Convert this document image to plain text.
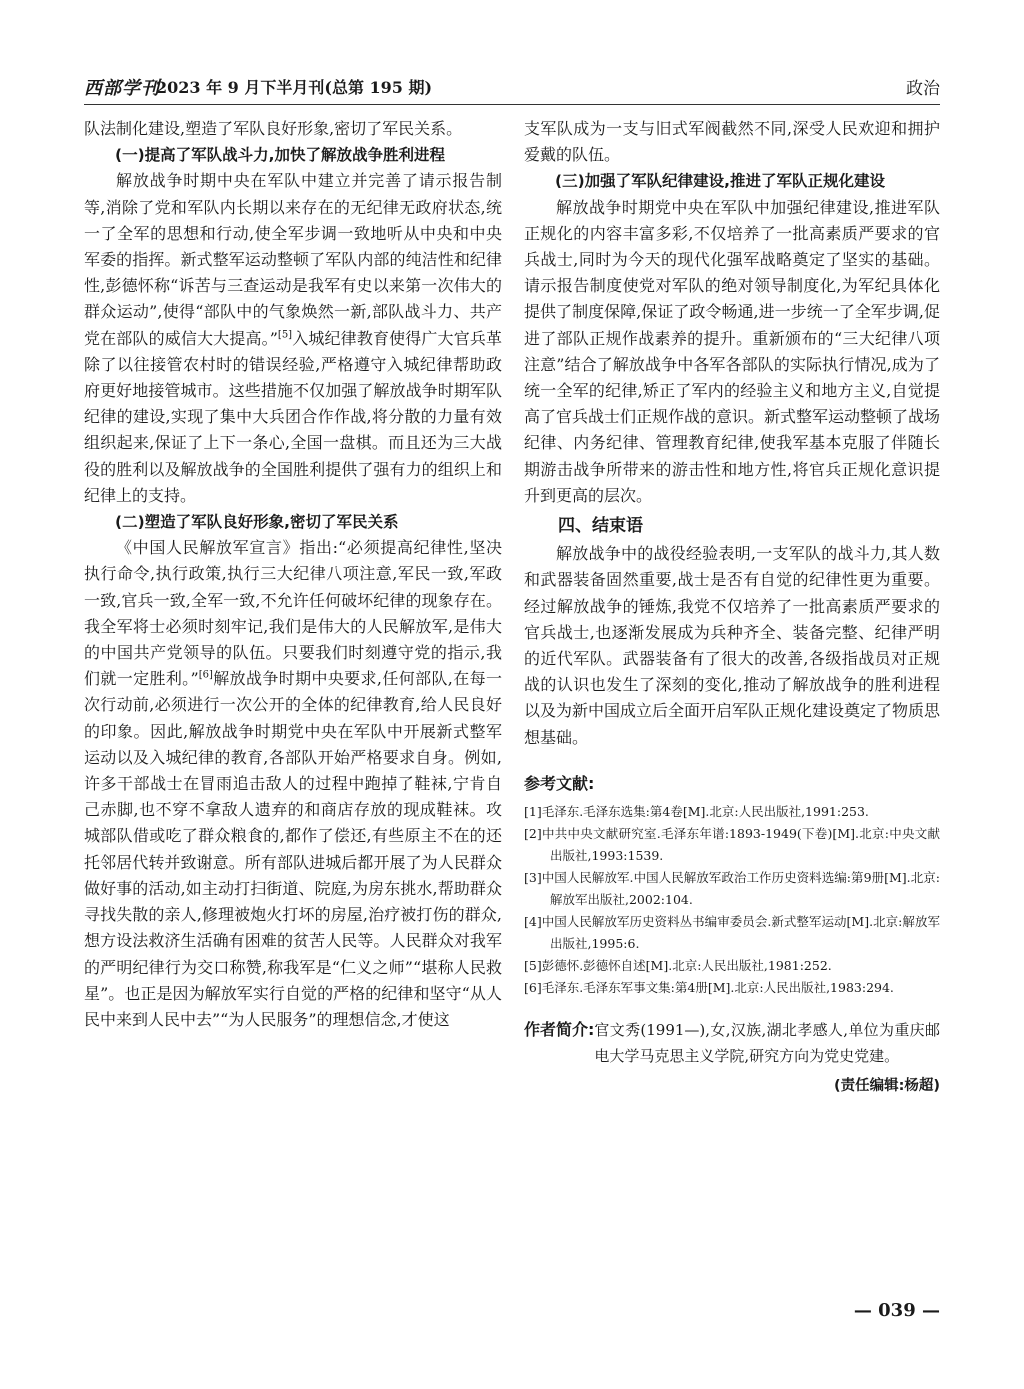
西部学刊
2023 年 9 月下半月刊(总第 195 期)	政治

队法制化建设,塑造了军队良好形象,密切了军民关系。

(一)提高了军队战斗力,加快了解放战争胜利进程

解放战争时期中央在军队中建立并完善了请示报告制等,消除了党和军队内长期以来存在的无纪律无政府状态,统一了全军的思想和行动,使全军步调一致地听从中央和中央军委的指挥。新式整军运动整顿了军队内部的纯洁性和纪律性,彭德怀称“诉苦与三查运动是我军有史以来第一次伟大的群众运动”,使得“部队中的气象焕然一新,部队战斗力、共产党在部队的威信大大提高。”[5]入城纪律教育使得广大官兵革除了以往接管农村时的错误经验,严格遵守入城纪律帮助政府更好地接管城市。这些措施不仅加强了解放战争时期军队纪律的建设,实现了集中大兵团合作作战,将分散的力量有效组织起来,保证了上下一条心,全国一盘棋。而且还为三大战役的胜利以及解放战争的全国胜利提供了强有力的组织上和纪律上的支持。

(二)塑造了军队良好形象,密切了军民关系

《中国人民解放军宣言》指出:“必须提高纪律性,坚决执行命令,执行政策,执行三大纪律八项注意,军民一致,军政一致,官兵一致,全军一致,不允许任何破坏纪律的现象存在。我全军将士必须时刻牢记,我们是伟大的人民解放军,是伟大的中国共产党领导的队伍。只要我们时刻遵守党的指示,我们就一定胜利。”[6]解放战争时期中央要求,任何部队,在每一次行动前,必须进行一次公开的全体的纪律教育,给人民良好的印象。因此,解放战争时期党中央在军队中开展新式整军运动以及入城纪律的教育,各部队开始严格要求自身。例如,许多干部战士在冒雨追击敌人的过程中跑掉了鞋袜,宁肯自己赤脚,也不穿不拿敌人遗弃的和商店存放的现成鞋袜。攻城部队借或吃了群众粮食的,都作了偿还,有些原主不在的还托邻居代转并致谢意。所有部队进城后都开展了为人民群众做好事的活动,如主动打扫街道、院庭,为房东挑水,帮助群众寻找失散的亲人,修理被炮火打坏的房屋,治疗被打伤的群众,想方设法救济生活确有困难的贫苦人民等。人民群众对我军的严明纪律行为交口称赞,称我军是“仁义之师”“堪称人民救星”。也正是因为解放军实行自觉的严格的纪律和坚守“从人民中来到人民中去”“为人民服务”的理想信念,才使这

支军队成为一支与旧式军阀截然不同,深受人民欢迎和拥护爱戴的队伍。

(三)加强了军队纪律建设,推进了军队正规化建设

解放战争时期党中央在军队中加强纪律建设,推进军队正规化的内容丰富多彩,不仅培养了一批高素质严要求的官兵战士,同时为今天的现代化强军战略奠定了坚实的基础。请示报告制度使党对军队的绝对领导制度化,为军纪具体化提供了制度保障,保证了政令畅通,进一步统一了全军步调,促进了部队正规作战素养的提升。重新颁布的“三大纪律八项注意”结合了解放战争中各军各部队的实际执行情况,成为了统一全军的纪律,矫正了军内的经验主义和地方主义,自觉提高了官兵战士们正规作战的意识。新式整军运动整顿了战场纪律、内务纪律、管理教育纪律,使我军基本克服了伴随长期游击战争所带来的游击性和地方性,将官兵正规化意识提升到更高的层次。

四、结束语

解放战争中的战役经验表明,一支军队的战斗力,其人数和武器装备固然重要,战士是否有自觉的纪律性更为重要。经过解放战争的锤炼,我党不仅培养了一批高素质严要求的官兵战士,也逐渐发展成为兵种齐全、装备完整、纪律严明的近代军队。武器装备有了很大的改善,各级指战员对正规战的认识也发生了深刻的变化,推动了解放战争的胜利进程以及为新中国成立后全面开启军队正规化建设奠定了物质思想基础。

参考文献:

[1]毛泽东.毛泽东选集:第4卷[M].北京:人民出版社,1991:253.

[2]中共中央文献研究室.毛泽东年谱:1893-1949(下卷)[M].北京:中央文献出版社,1993:1539.

[3]中国人民解放军.中国人民解放军政治工作历史资料选编:第9册[M].北京:解放军出版社,2002:104.

[4]中国人民解放军历史资料丛书编审委员会.新式整军运动[M].北京:解放军出版社,1995:6.

[5]彭德怀.彭德怀自述[M].北京:人民出版社,1981:252.

[6]毛泽东.毛泽东军事文集:第4册[M].北京:人民出版社,1983:294.

作者简介: 官文秀(1991—),女,汉族,湖北孝感人,单位为重庆邮电大学马克思主义学院,研究方向为党史党建。
(责任编辑:杨超)
— 039 —
